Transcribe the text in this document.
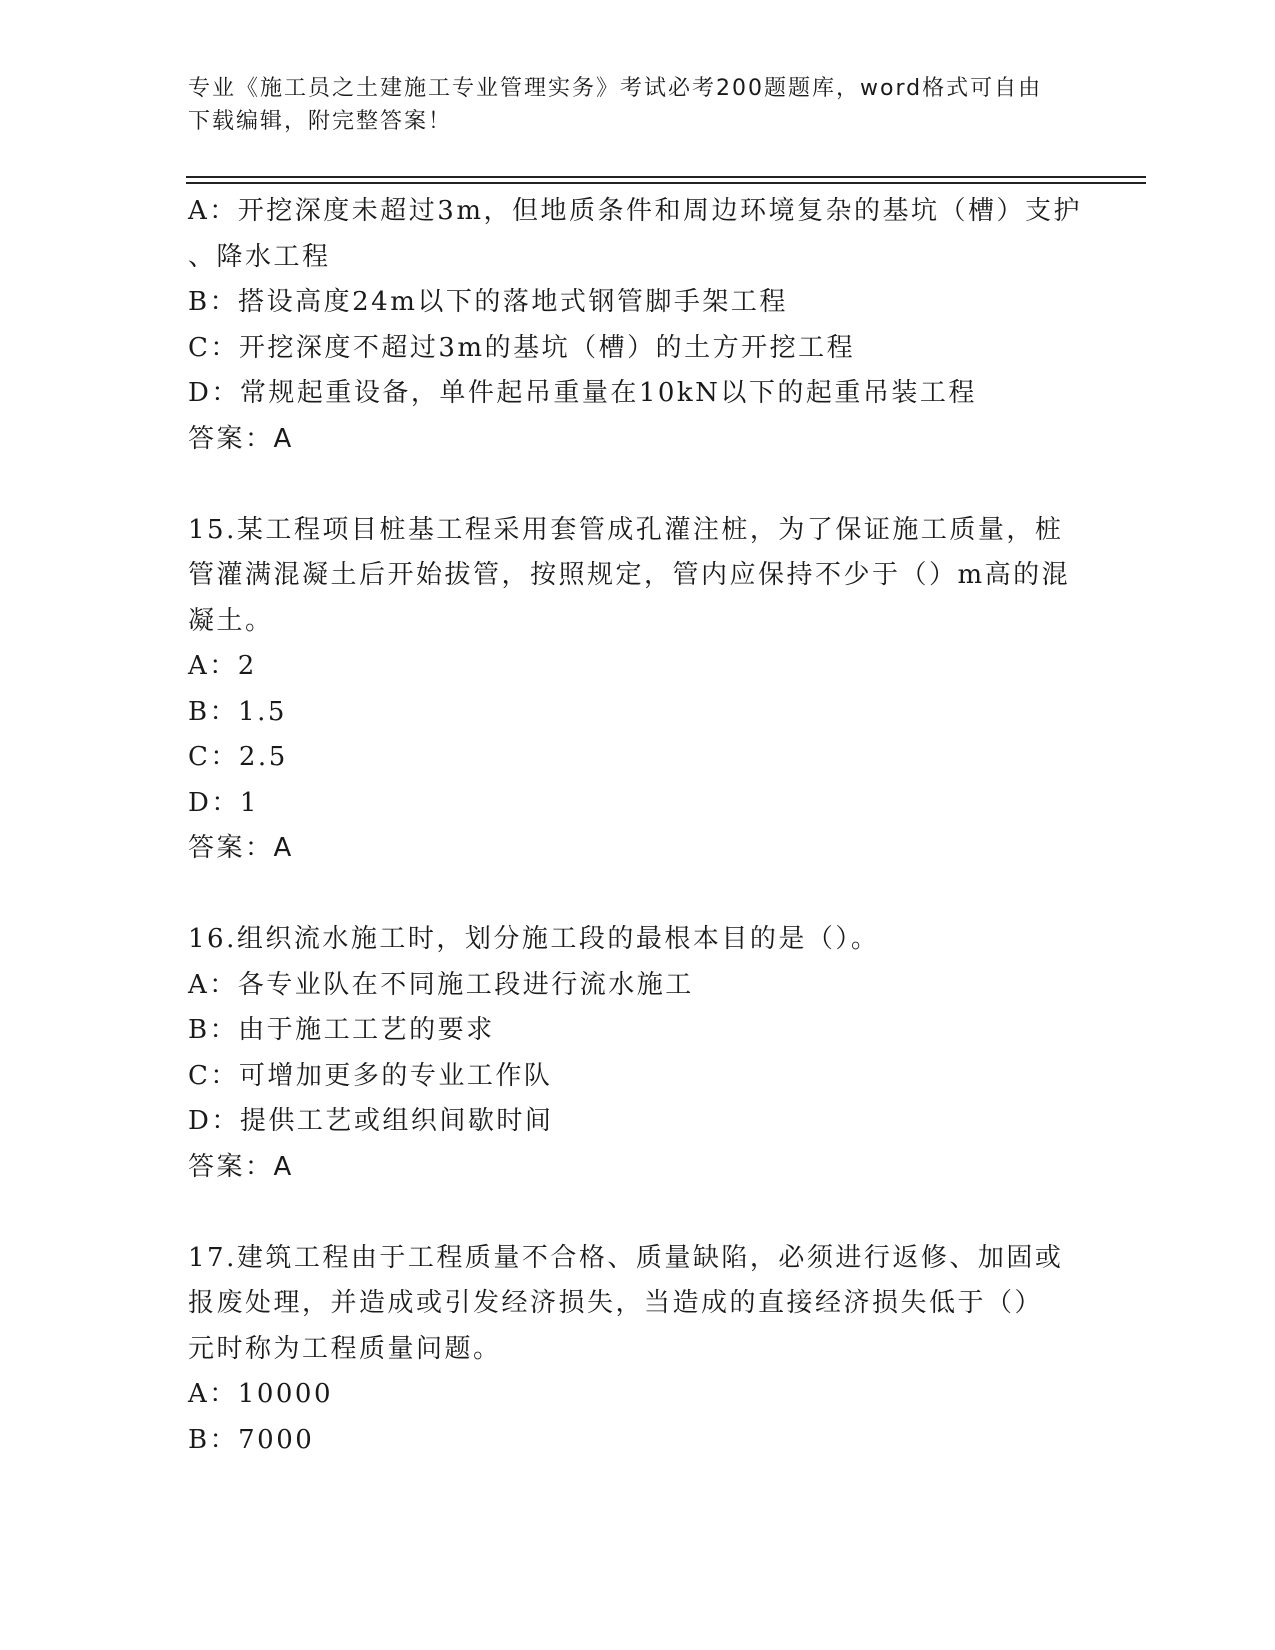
专业《施工员之土建施工专业管理实务》考试必考200题题库，word格式可自由
下载编辑，附完整答案！
A：开挖深度未超过3m，但地质条件和周边环境复杂的基坑（槽）支护
、降水工程
B：搭设高度24m以下的落地式钢管脚手架工程
C：开挖深度不超过3m的基坑（槽）的土方开挖工程
D：常规起重设备，单件起吊重量在10kN以下的起重吊装工程
答案：A
15.某工程项目桩基工程采用套管成孔灌注桩，为了保证施工质量，桩
管灌满混凝土后开始拔管，按照规定，管内应保持不少于（）m高的混
凝土。
A：2
B：1.5
C：2.5
D：1
答案：A
16.组织流水施工时，划分施工段的最根本目的是（）。
A：各专业队在不同施工段进行流水施工
B：由于施工工艺的要求
C：可增加更多的专业工作队
D：提供工艺或组织间歇时间
答案：A
17.建筑工程由于工程质量不合格、质量缺陷，必须进行返修、加固或
报废处理，并造成或引发经济损失，当造成的直接经济损失低于（）
元时称为工程质量问题。
A：10000
B：7000
